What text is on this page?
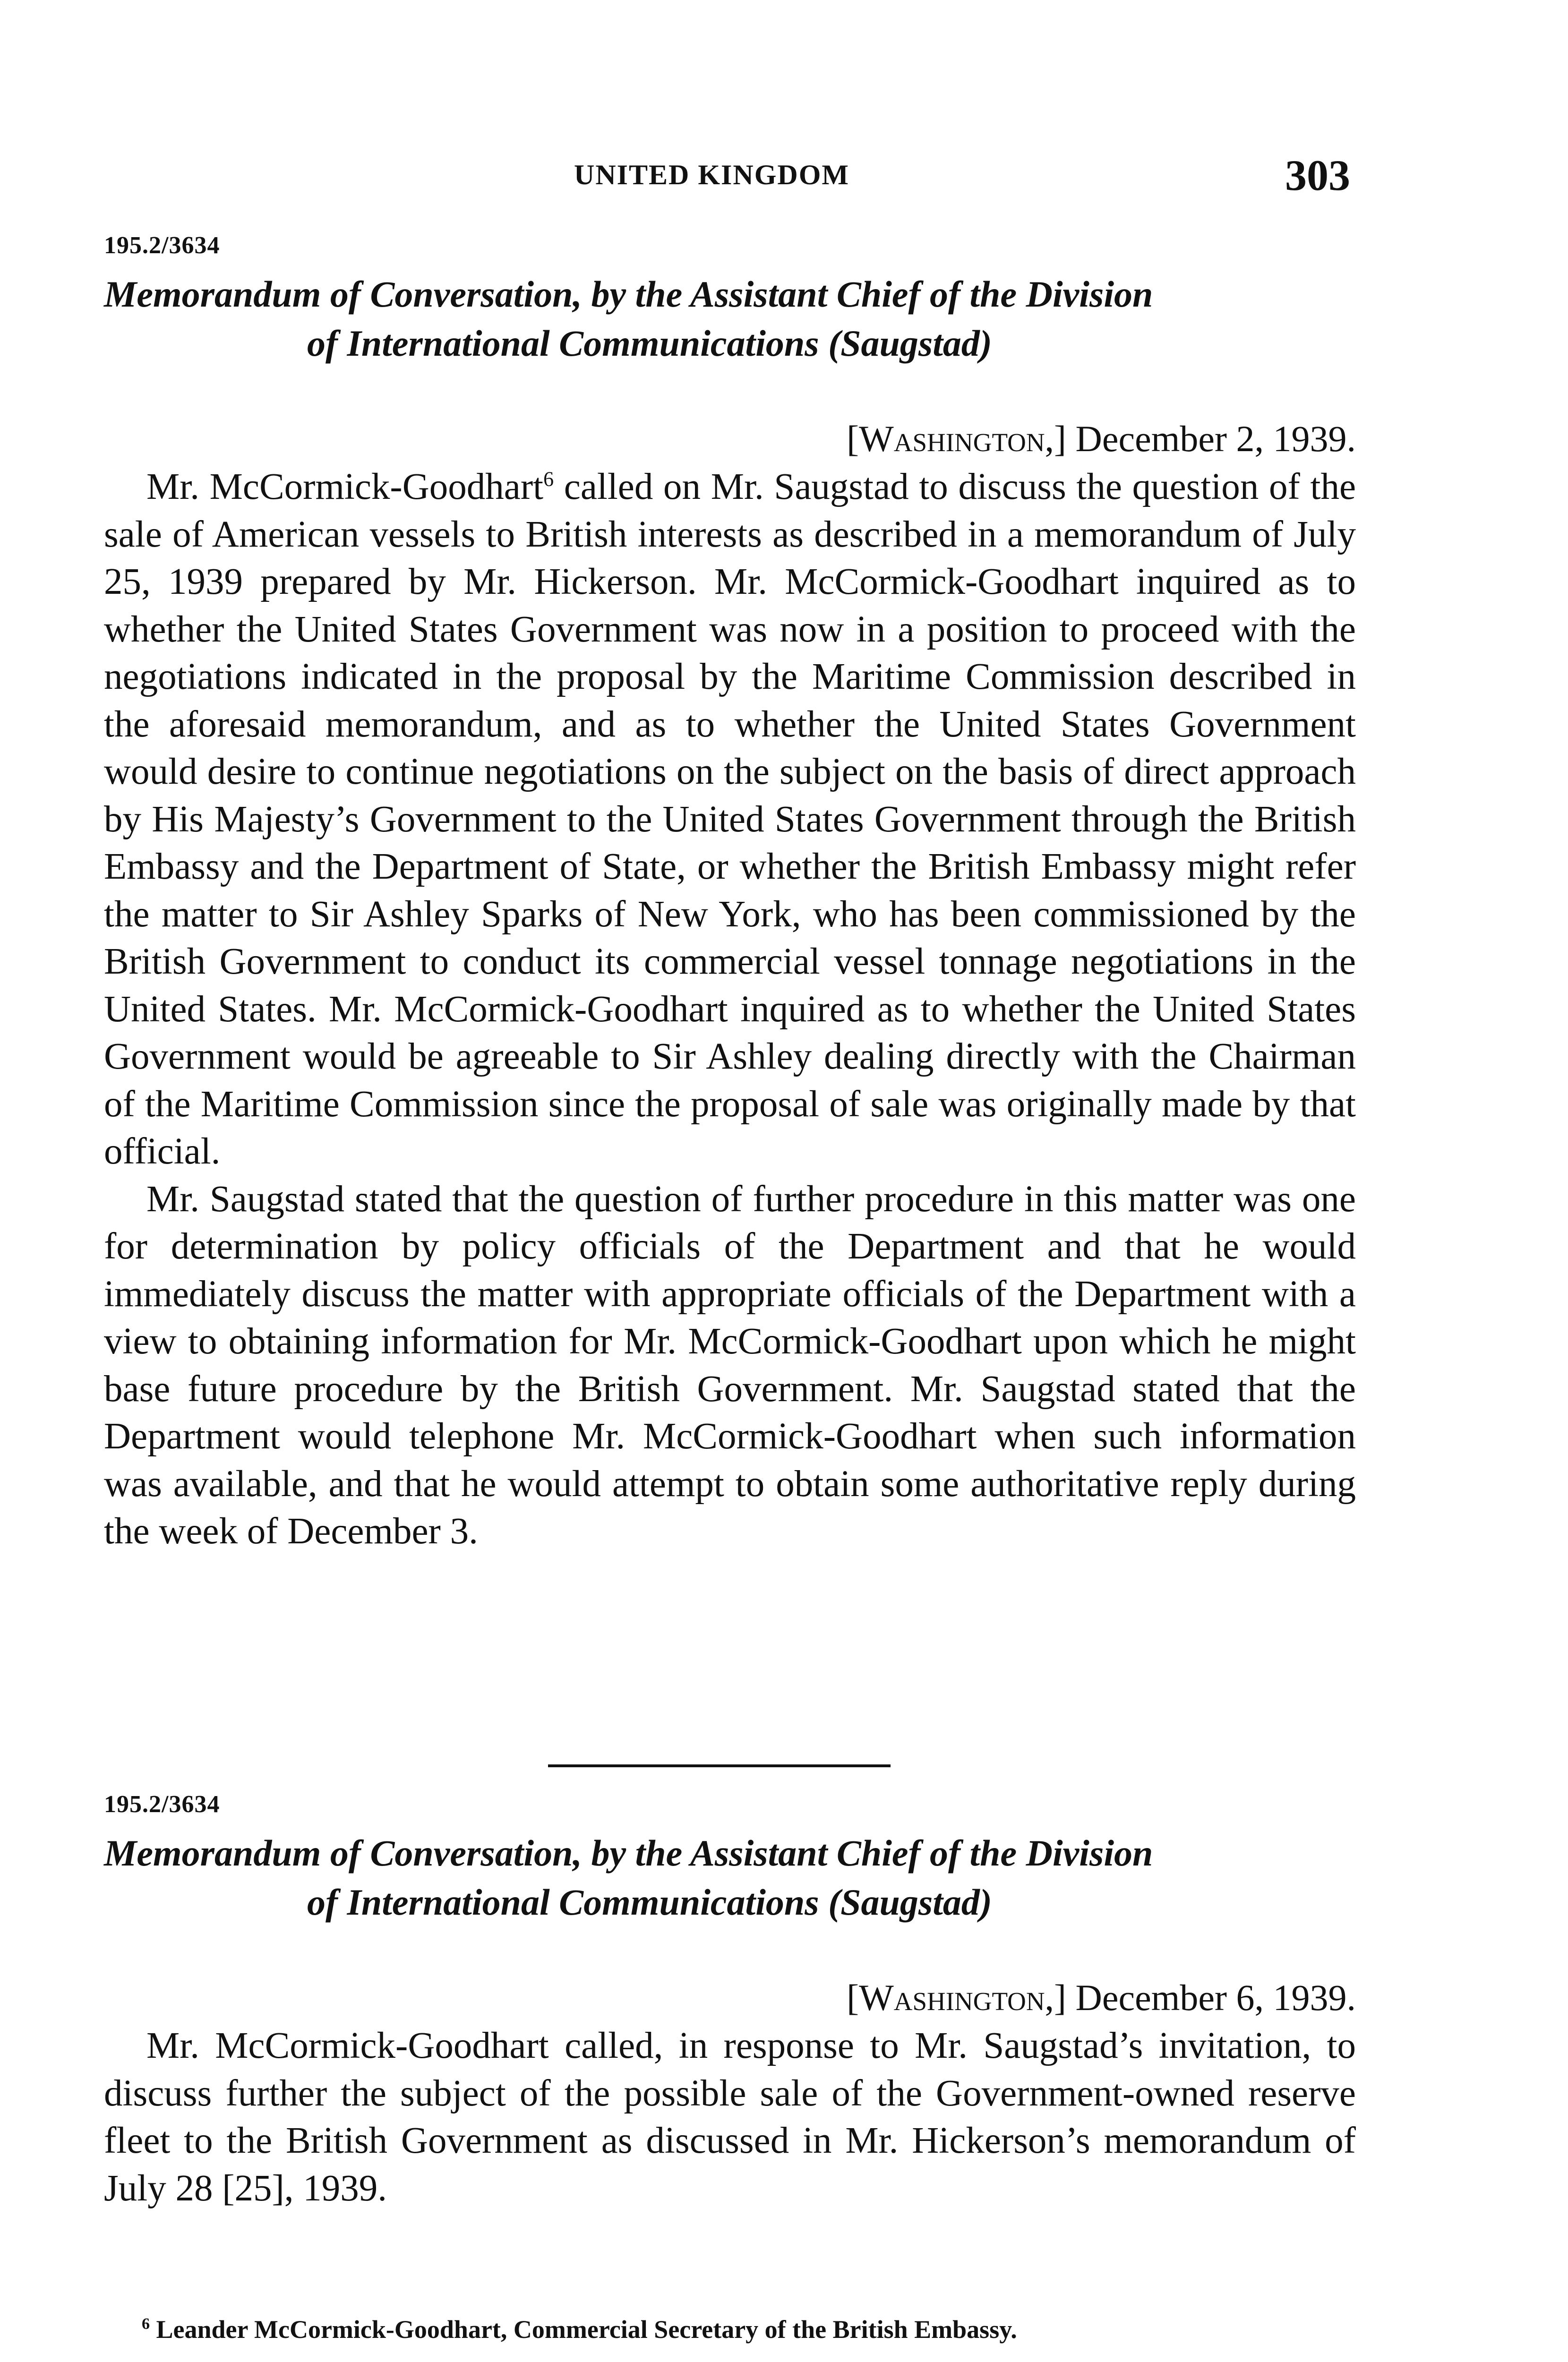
UNITED KINGDOM	303

195.2/3634

Memorandum of Conversation, by the Assistant Chief of the Division
of International Communications (Saugstad)

[Washington,] December 2, 1939.

Mr. McCormick-Goodhart$^6$ called on Mr. Saugstad to discuss the question of the sale of American vessels to British interests as described in a memorandum of July 25, 1939 prepared by Mr. Hickerson. Mr. McCormick-Goodhart inquired as to whether the United States Government was now in a position to proceed with the negotiations indicated in the proposal by the Maritime Commission described in the aforesaid memorandum, and as to whether the United States Government would desire to continue negotiations on the subject on the basis of direct approach by His Majesty’s Government to the United States Government through the British Embassy and the Department of State, or whether the British Embassy might refer the matter to Sir Ashley Sparks of New York, who has been commissioned by the British Government to conduct its commercial vessel tonnage negotiations in the United States. Mr. McCormick-Goodhart inquired as to whether the United States Government would be agreeable to Sir Ashley dealing directly with the Chairman of the Maritime Commission since the proposal of sale was originally made by that official.

Mr. Saugstad stated that the question of further procedure in this matter was one for determination by policy officials of the Department and that he would immediately discuss the matter with appropriate officials of the Department with a view to obtaining information for Mr. McCormick-Goodhart upon which he might base future procedure by the British Government. Mr. Saugstad stated that the Department would telephone Mr. McCormick-Goodhart when such information was available, and that he would attempt to obtain some authoritative reply during the week of December 3.

195.2/3634

Memorandum of Conversation, by the Assistant Chief of the Division
of International Communications (Saugstad)

[Washington,] December 6, 1939.

Mr. McCormick-Goodhart called, in response to Mr. Saugstad’s invitation, to discuss further the subject of the possible sale of the Government-owned reserve fleet to the British Government as discussed in Mr. Hickerson’s memorandum of July 28 [25], 1939.

$^6$ Leander McCormick-Goodhart, Commercial Secretary of the British Embassy.
